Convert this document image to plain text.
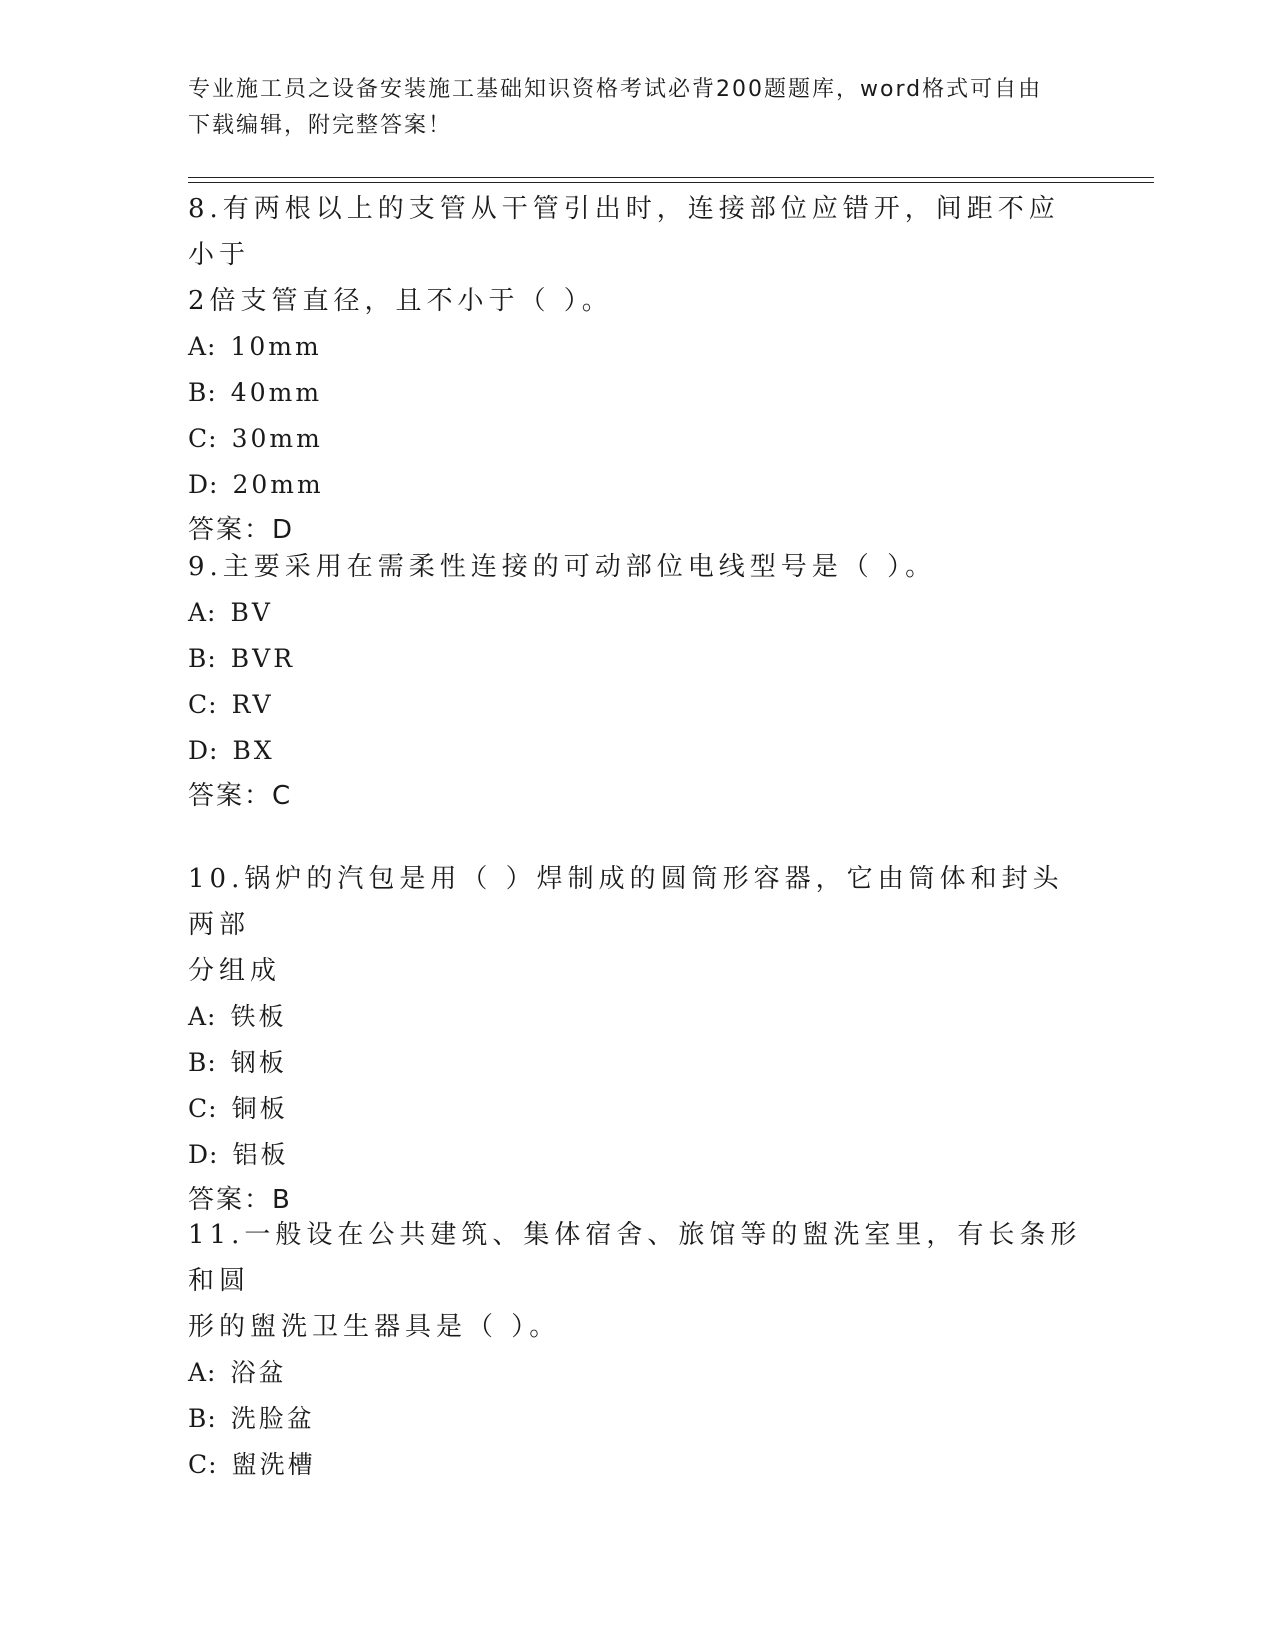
专业施工员之设备安装施工基础知识资格考试必背200题题库，word格式可自由
下载编辑，附完整答案！
8.有两根以上的支管从干管引出时，连接部位应错开，间距不应小于
2倍支管直径，且不小于（ ）。
A: 10mm
B: 40mm
C: 30mm
D: 20mm
答案：D
9.主要采用在需柔性连接的可动部位电线型号是（ ）。
A: BV
B: BVR
C: RV
D: BX
答案：C
10.锅炉的汽包是用（ ）焊制成的圆筒形容器，它由筒体和封头两部
分组成
A: 铁板
B: 钢板
C: 铜板
D: 铝板
答案：B
11.一般设在公共建筑、集体宿舍、旅馆等的盥洗室里，有长条形和圆
形的盥洗卫生器具是（ ）。
A: 浴盆
B: 洗脸盆
C: 盥洗槽
